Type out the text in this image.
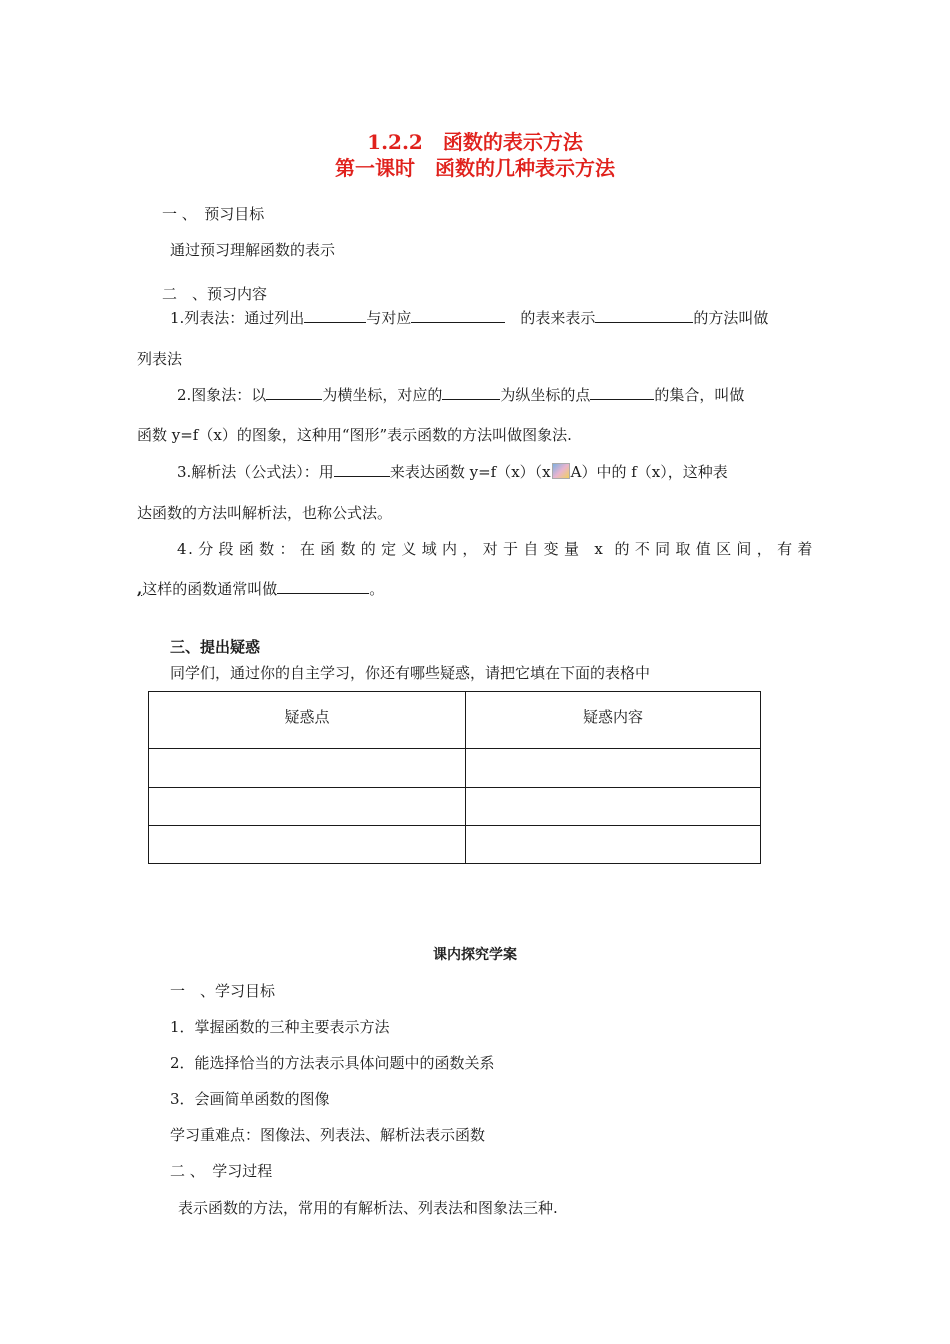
1.2.2　函数的表示方法
第一课时　函数的几种表示方法
一 、　预习目标
通过预习理解函数的表示
二　、预习内容
1.列表法：通过列出	与对应　	的表来表示	的方法叫做
列表法
2.图象法：以	为横坐标，对应的	为纵坐标的点	的集合，叫做
函数 y=f（x）的图象，这种用“图形”表示函数的方法叫做图象法.
3.解析法（公式法）：用	来表达函数 y=f（x）（x A）中的 f（x），这种表
达函数的方法叫解析法，也称公式法。
4.分段函数：在函数的定义域内，对于自变量 x 的不同取值区间，有着
,这样的函数通常叫做	。
三、提出疑惑
同学们，通过你的自主学习，你还有哪些疑惑，请把它填在下面的表格中
疑惑点	疑惑内容

课内探究学案
一　、学习目标
1．掌握函数的三种主要表示方法
2．能选择恰当的方法表示具体问题中的函数关系
3．会画简单函数的图像
学习重难点：图像法、列表法、解析法表示函数
二 、　学习过程
表示函数的方法，常用的有解析法、列表法和图象法三种.
